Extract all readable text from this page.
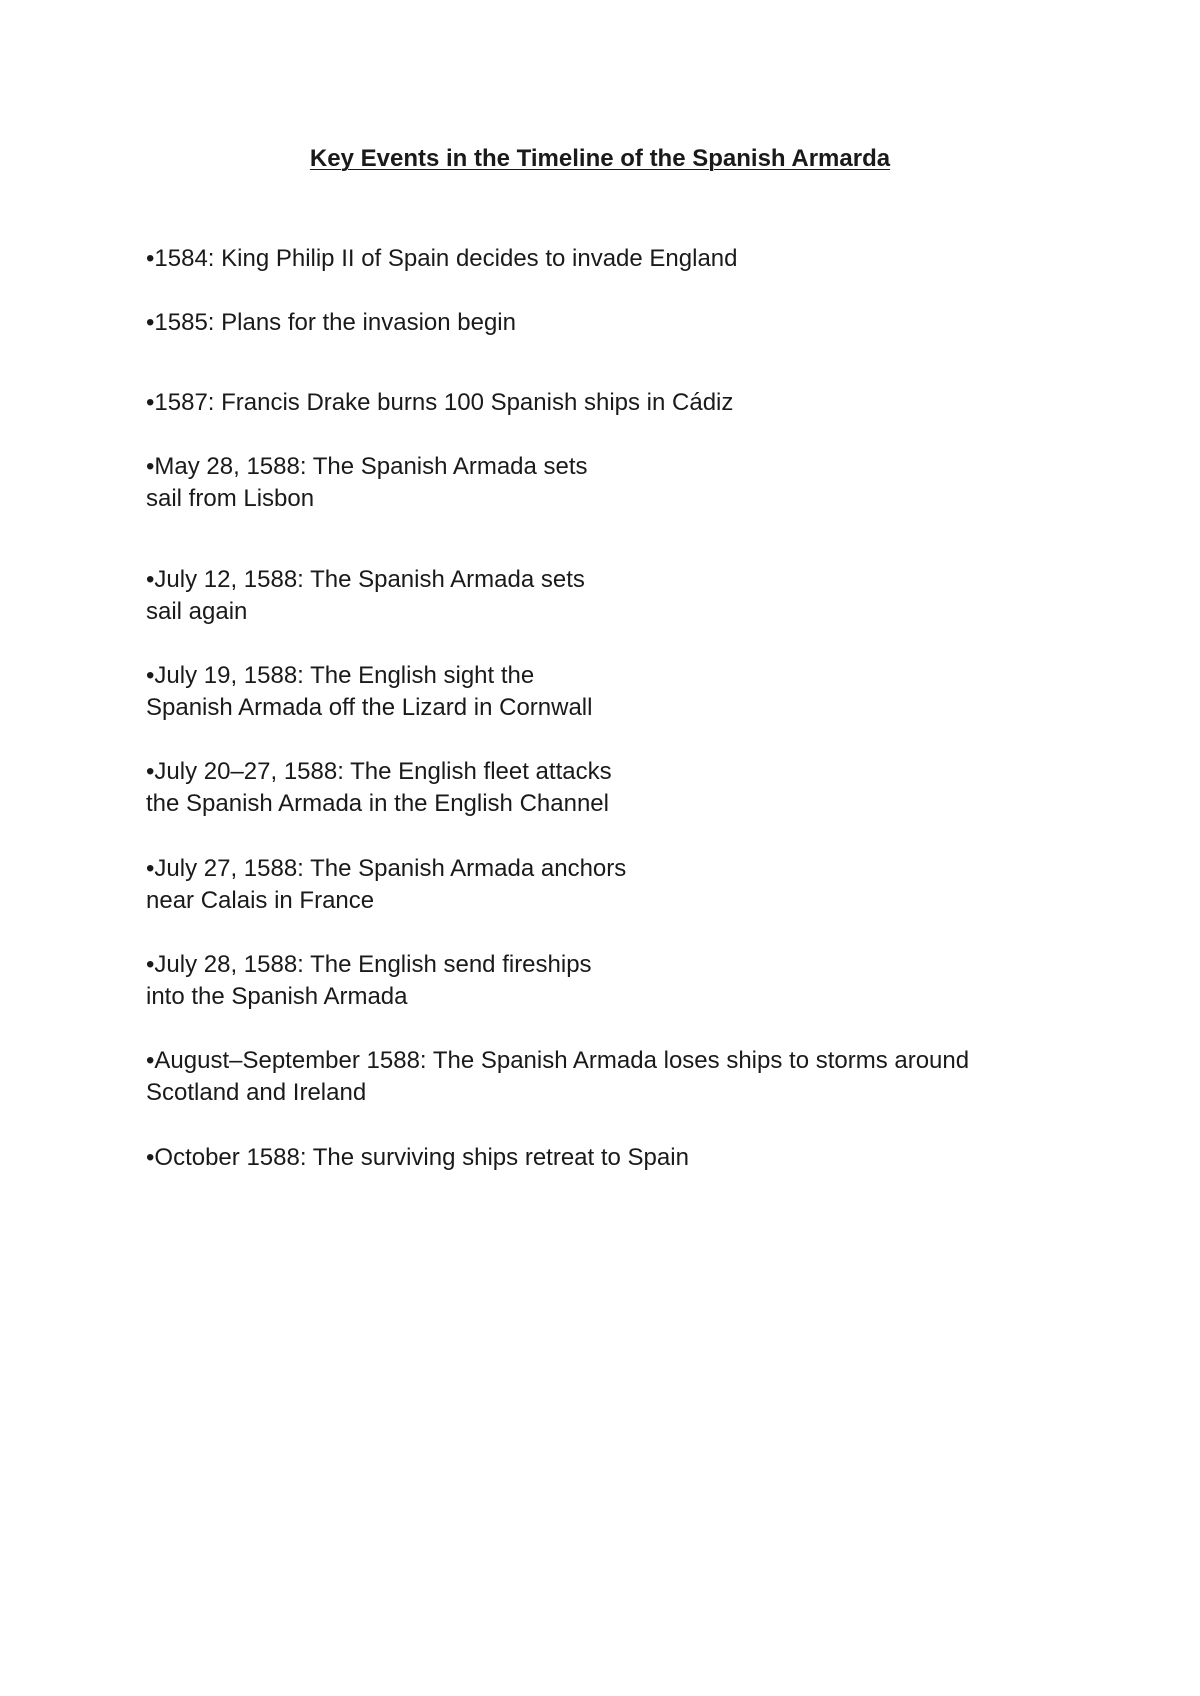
Key Events in the Timeline of the Spanish Armarda
•1584: King Philip II of Spain decides to invade England
•1585: Plans for the invasion begin
•1587: Francis Drake burns 100 Spanish ships in Cádiz
•May 28, 1588: The Spanish Armada sets
sail from Lisbon
•July 12, 1588: The Spanish Armada sets
sail again
•July 19, 1588: The English sight the
Spanish Armada off the Lizard in Cornwall
•July 20–27, 1588: The English fleet attacks
the Spanish Armada in the English Channel
•July 27, 1588: The Spanish Armada anchors
near Calais in France
•July 28, 1588: The English send fireships
into the Spanish Armada
•August–September 1588: The Spanish Armada loses ships to storms around
Scotland and Ireland
•October 1588: The surviving ships retreat to Spain
